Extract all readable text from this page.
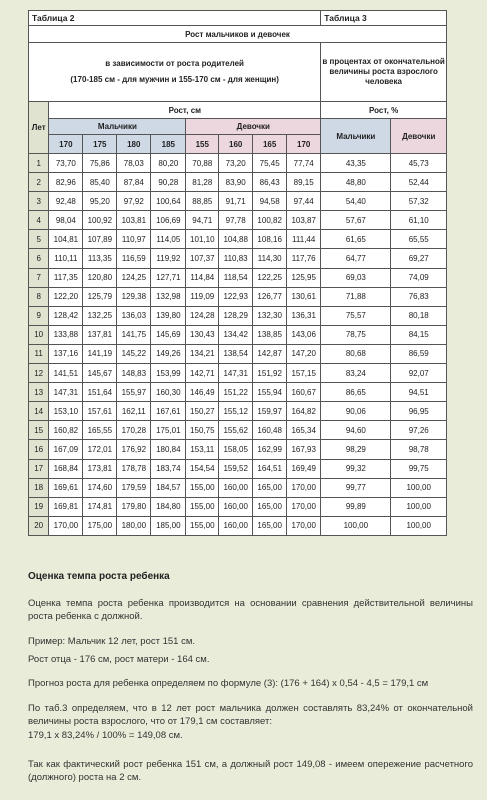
Таблица 2									Таблица 3	
Рост мальчиков и девочек										

в зависимости от роста родителей
(170-185 см - для мужчин и 155-170 см - для женщин)									в процентах от окончательной величины роста взрослого человека	
Лет	Рост, см								Рост, %	
	Мальчики				Девочки				Мальчики	Девочки
	170	175	180	185	155	160	165	170		
1	73,70	75,86	78,03	80,20	70,88	73,20	75,45	77,74	43,35	45,73
2	82,96	85,40	87,84	90,28	81,28	83,90	86,43	89,15	48,80	52,44
3	92,48	95,20	97,92	100,64	88,85	91,71	94,58	97,44	54,40	57,32
4	98,04	100,92	103,81	106,69	94,71	97,78	100,82	103,87	57,67	61,10
5	104,81	107,89	110,97	114,05	101,10	104,88	108,16	111,44	61,65	65,55
6	110,11	113,35	116,59	119,92	107,37	110,83	114,30	117,76	64,77	69,27
7	117,35	120,80	124,25	127,71	114,84	118,54	122,25	125,95	69,03	74,09
8	122,20	125,79	129,38	132,98	119,09	122,93	126,77	130,61	71,88	76,83
9	128,42	132,25	136,03	139,80	124,28	128,29	132,30	136,31	75,57	80,18
10	133,88	137,81	141,75	145,69	130,43	134,42	138,85	143,06	78,75	84,15
11	137,16	141,19	145,22	149,26	134,21	138,54	142,87	147,20	80,68	86,59
12	141,51	145,67	148,83	153,99	142,71	147,31	151,92	157,15	83,24	92,07
13	147,31	151,64	155,97	160,30	146,49	151,22	155,94	160,67	86,65	94,51
14	153,10	157,61	162,11	167,61	150,27	155,12	159,97	164,82	90,06	96,95
15	160,82	165,55	170,28	175,01	150,75	155,62	160,48	165,34	94,60	97,26
16	167,09	172,01	176,92	180,84	153,11	158,05	162,99	167,93	98,29	98,78
17	168,84	173,81	178,78	183,74	154,54	159,52	164,51	169,49	99,32	99,75
18	169,61	174,60	179,59	184,57	155,00	160,00	165,00	170,00	99,77	100,00
19	169,81	174,81	179,80	184,80	155,00	160,00	165,00	170,00	99,89	100,00
20	170,00	175,00	180,00	185,00	155,00	160,00	165,00	170,00	100,00	100,00
Оценка темпа роста ребенка
Оценка темпа роста ребенка производится на основании сравнения действительной величины роста ребенка с должной.
Пример: Мальчик 12 лет, рост 151 см.
Рост отца - 176 см, рост матери - 164 см.
Прогноз роста для ребенка определяем по формуле (3): (176 + 164) х 0,54 - 4,5 = 179,1 см
По таб.3 определяем, что в 12 лет рост мальчика должен составлять 83,24% от окончательной величины роста взрослого, что от 179,1 см составляет:
179,1 х 83,24% / 100% = 149,08 см.
Так как фактический рост ребенка 151 см, а должный рост 149,08 - имеем опережение расчетного (должного) роста на 2 см.
